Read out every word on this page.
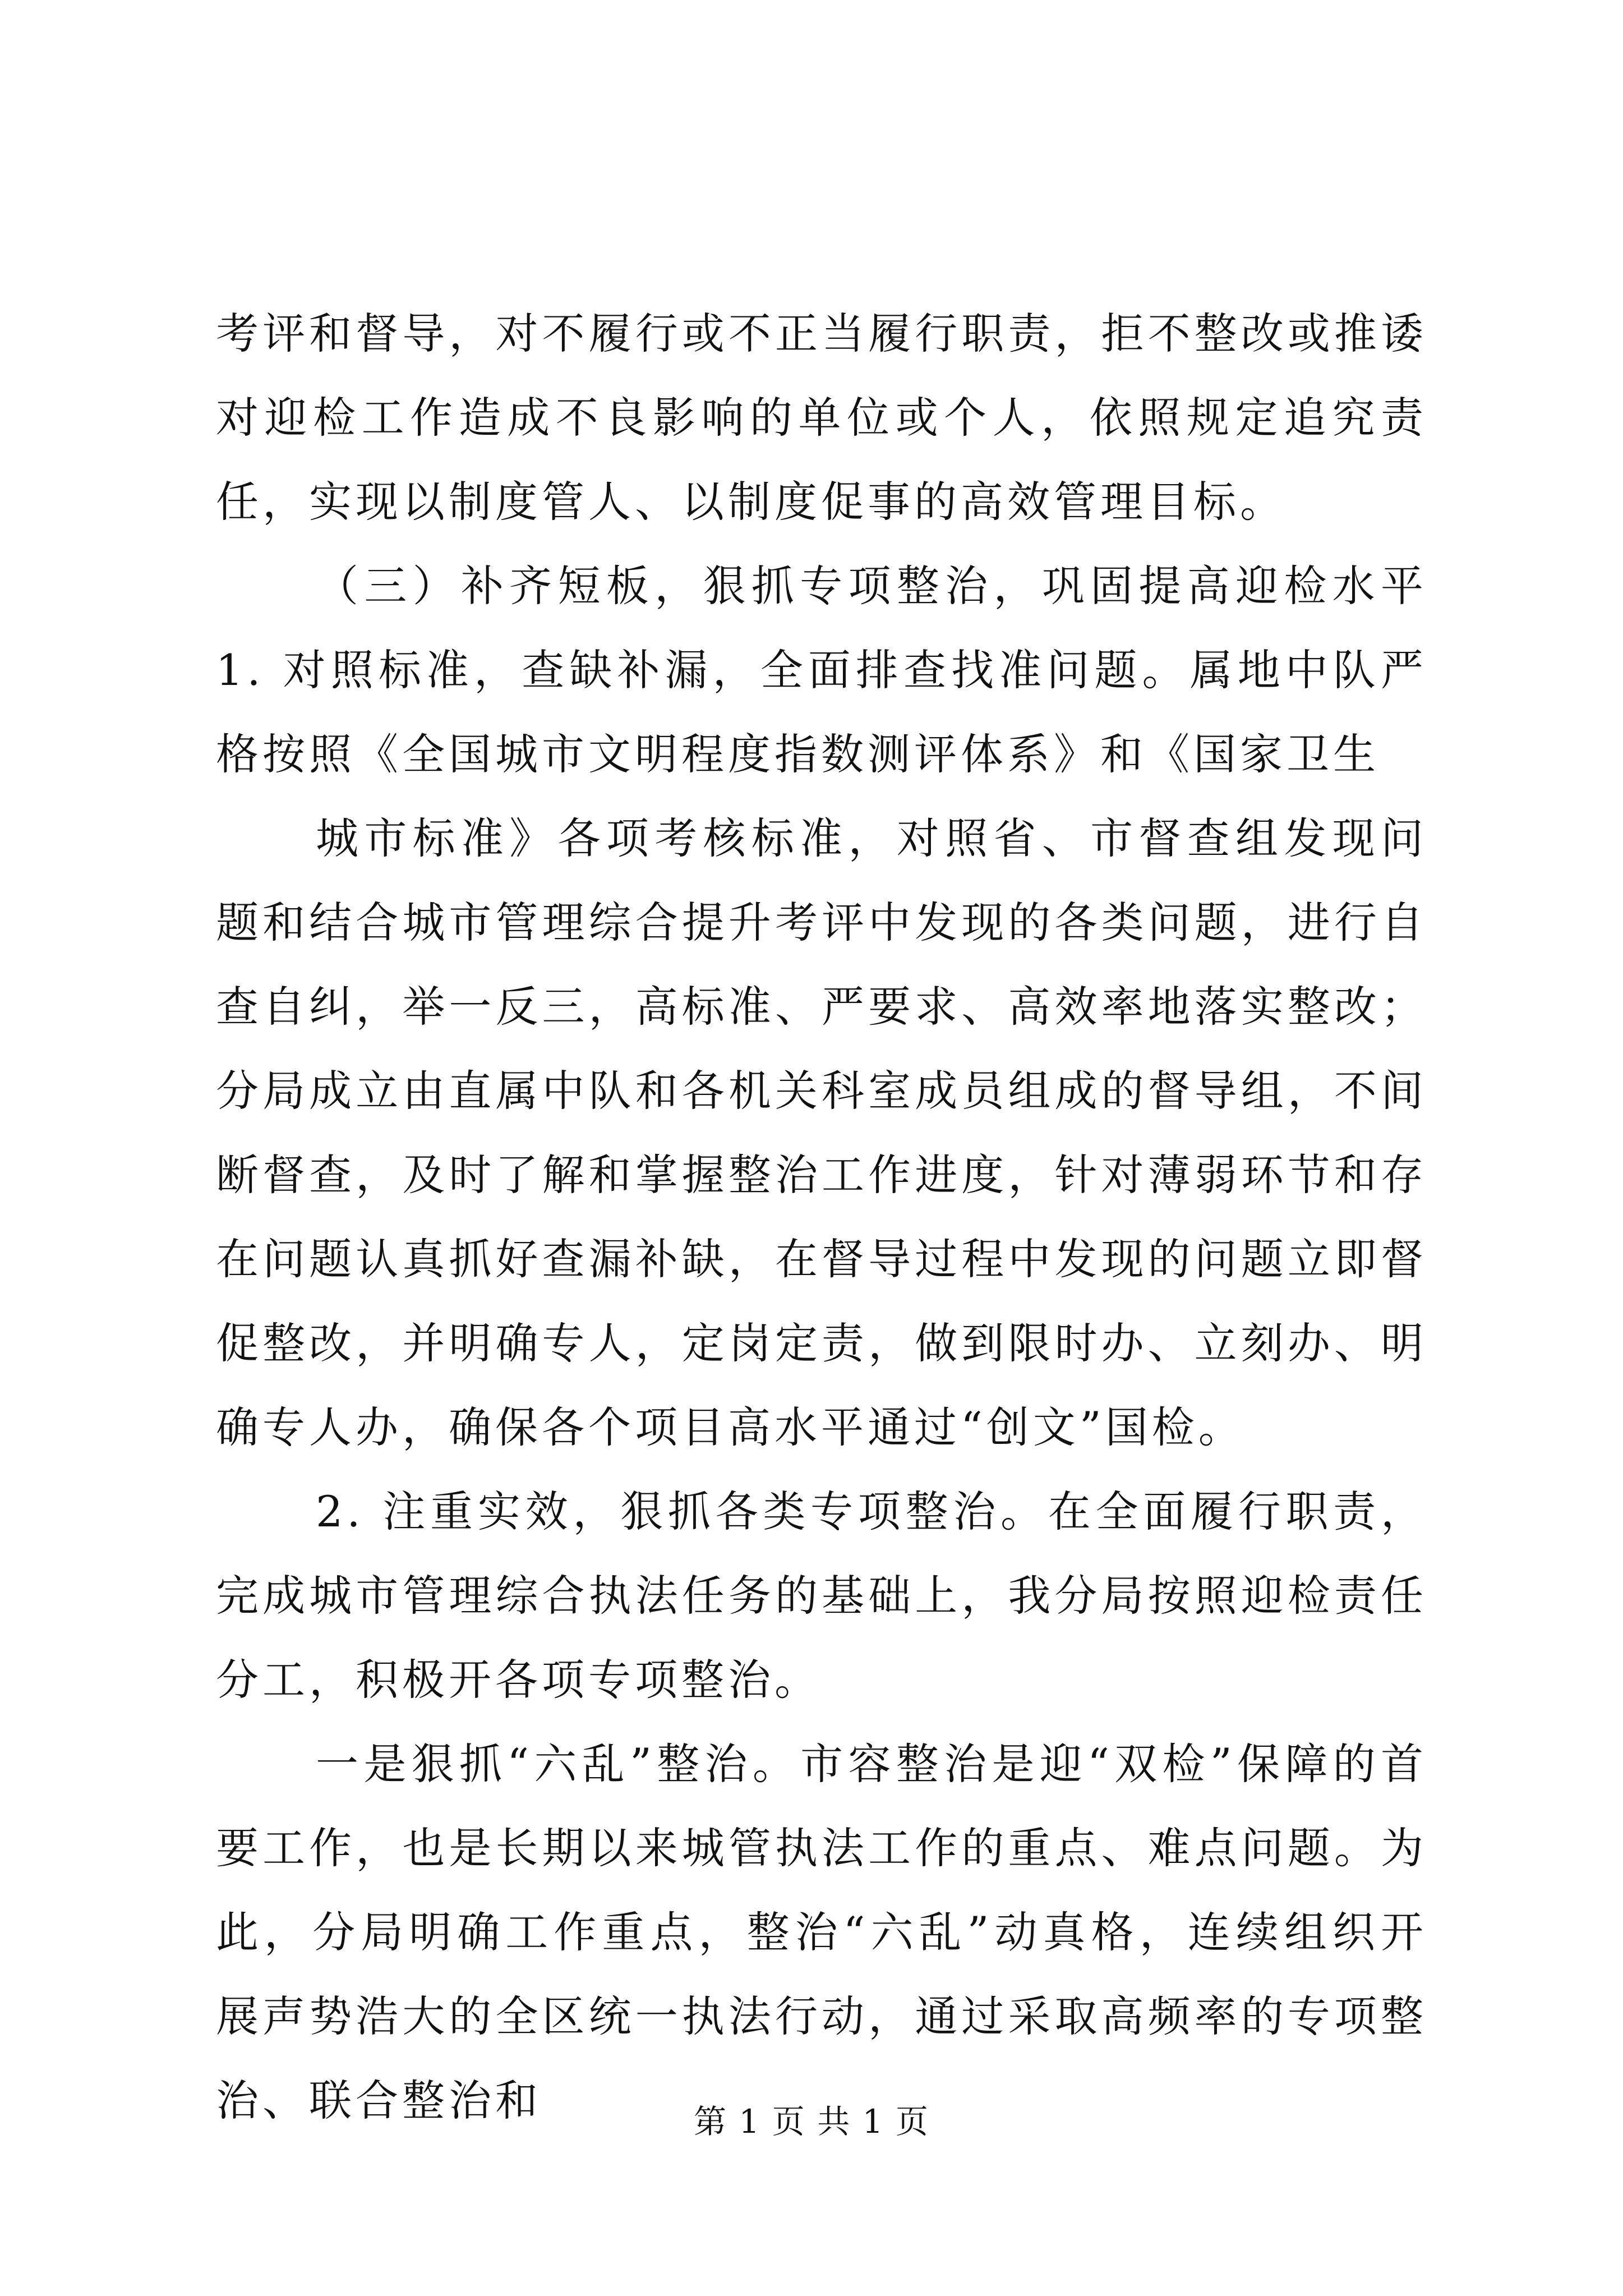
考评和督导，对不履行或不正当履行职责，拒不整改或推诿对迎检工作造成不良影响的单位或个人，依照规定追究责任，实现以制度管人、以制度促事的高效管理目标。

（三）补齐短板，狠抓专项整治，巩固提高迎检水平 1. 对照标准，查缺补漏，全面排查找准问题。属地中队严格按照《全国城市文明程度指数测评体系》和《国家卫生

城市标准》各项考核标准，对照省、市督查组发现问题和结合城市管理综合提升考评中发现的各类问题，进行自查自纠，举一反三，高标准、严要求、高效率地落实整改；分局成立由直属中队和各机关科室成员组成的督导组，不间断督查，及时了解和掌握整治工作进度，针对薄弱环节和存在问题认真抓好查漏补缺，在督导过程中发现的问题立即督促整改，并明确专人，定岗定责，做到限时办、立刻办、明确专人办，确保各个项目高水平通过“创文”国检。

2. 注重实效，狠抓各类专项整治。在全面履行职责，完成城市管理综合执法任务的基础上，我分局按照迎检责任分工，积极开各项专项整治。

一是狠抓“六乱”整治。市容整治是迎“双检”保障的首要工作，也是长期以来城管执法工作的重点、难点问题。为此，分局明确工作重点，整治“六乱”动真格，连续组织开展声势浩大的全区统一执法行动，通过采取高频率的专项整治、联合整治和	第 1 页 共 1 页
